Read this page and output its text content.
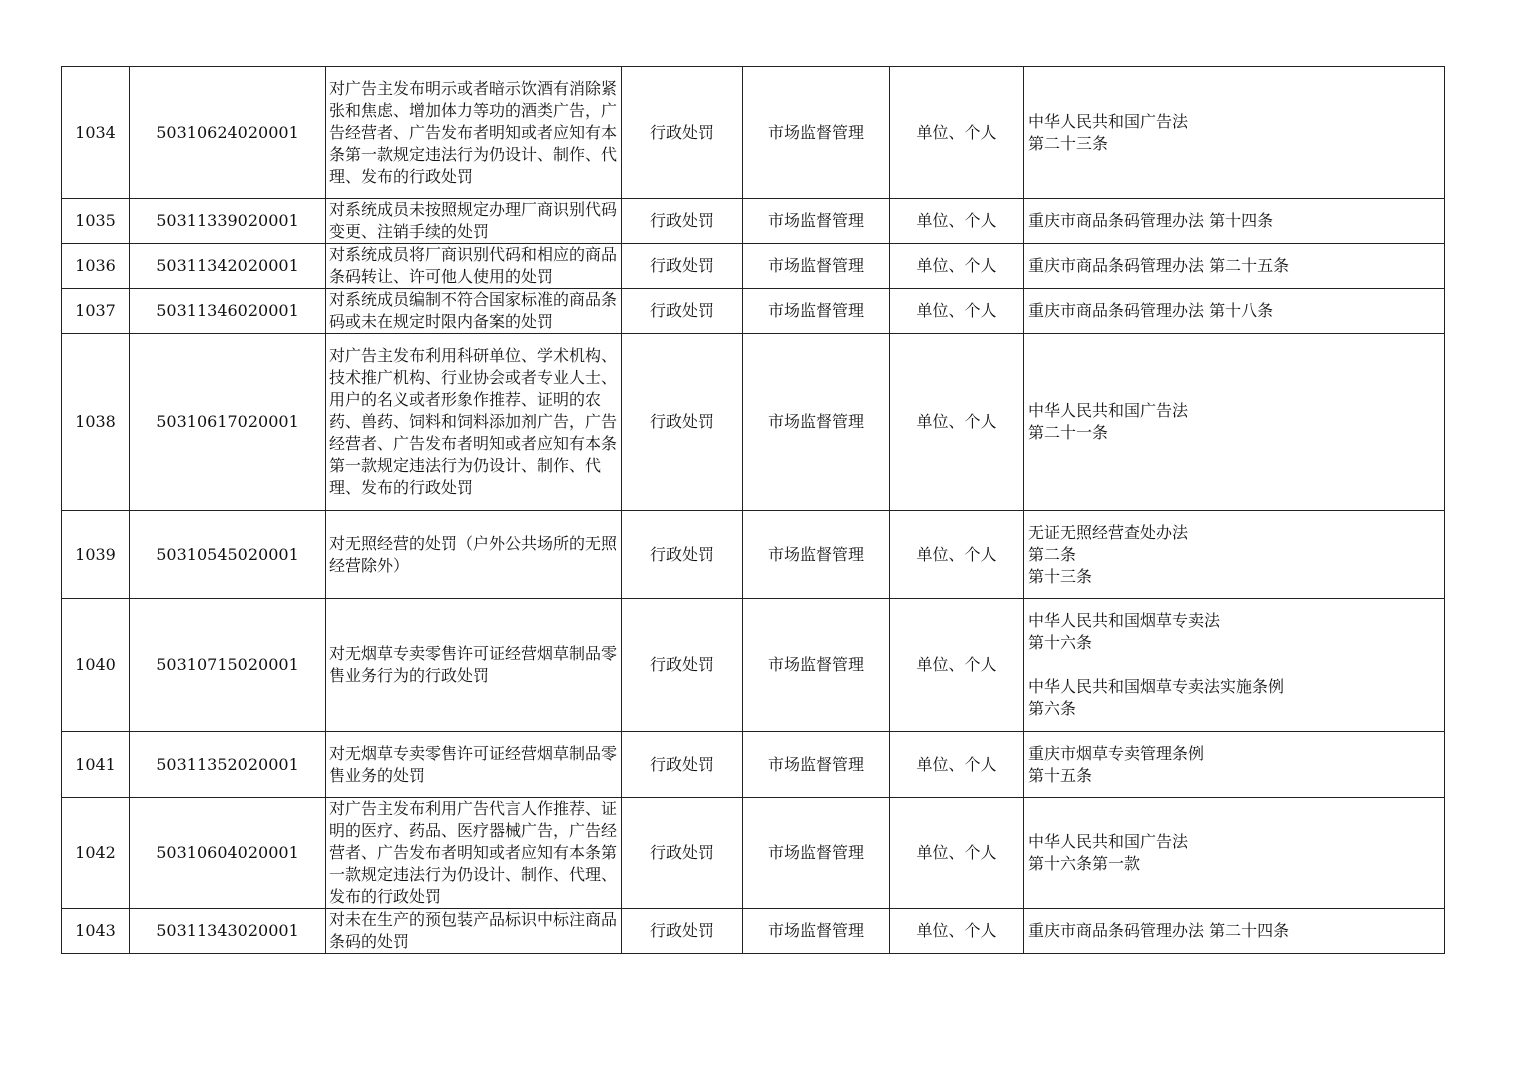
1034	50310624020001	对广告主发布明示或者暗示饮酒有消除紧张和焦虑、增加体力等功的酒类广告，广告经营者、广告发布者明知或者应知有本条第一款规定违法行为仍设计、制作、代理、发布的行政处罚	行政处罚	市场监督管理	单位、个人	中华人民共和国广告法
第二十三条
1035	50311339020001	对系统成员未按照规定办理厂商识别代码变更、注销手续的处罚	行政处罚	市场监督管理	单位、个人	重庆市商品条码管理办法 第十四条
1036	50311342020001	对系统成员将厂商识别代码和相应的商品条码转让、许可他人使用的处罚	行政处罚	市场监督管理	单位、个人	重庆市商品条码管理办法 第二十五条
1037	50311346020001	对系统成员编制不符合国家标准的商品条码或未在规定时限内备案的处罚	行政处罚	市场监督管理	单位、个人	重庆市商品条码管理办法 第十八条
1038	50310617020001	对广告主发布利用科研单位、学术机构、技术推广机构、行业协会或者专业人士、用户的名义或者形象作推荐、证明的农药、兽药、饲料和饲料添加剂广告，广告经营者、广告发布者明知或者应知有本条第一款规定违法行为仍设计、制作、代理、发布的行政处罚	行政处罚	市场监督管理	单位、个人	中华人民共和国广告法
第二十一条
1039	50310545020001	对无照经营的处罚（户外公共场所的无照经营除外）	行政处罚	市场监督管理	单位、个人	无证无照经营查处办法
第二条
第十三条
1040	50310715020001	对无烟草专卖零售许可证经营烟草制品零售业务行为的行政处罚	行政处罚	市场监督管理	单位、个人	中华人民共和国烟草专卖法
第十六条

中华人民共和国烟草专卖法实施条例
第六条
1041	50311352020001	对无烟草专卖零售许可证经营烟草制品零售业务的处罚	行政处罚	市场监督管理	单位、个人	重庆市烟草专卖管理条例
第十五条
1042	50310604020001	对广告主发布利用广告代言人作推荐、证明的医疗、药品、医疗器械广告，广告经营者、广告发布者明知或者应知有本条第一款规定违法行为仍设计、制作、代理、发布的行政处罚	行政处罚	市场监督管理	单位、个人	中华人民共和国广告法
第十六条第一款
1043	50311343020001	对未在生产的预包装产品标识中标注商品条码的处罚	行政处罚	市场监督管理	单位、个人	重庆市商品条码管理办法 第二十四条
